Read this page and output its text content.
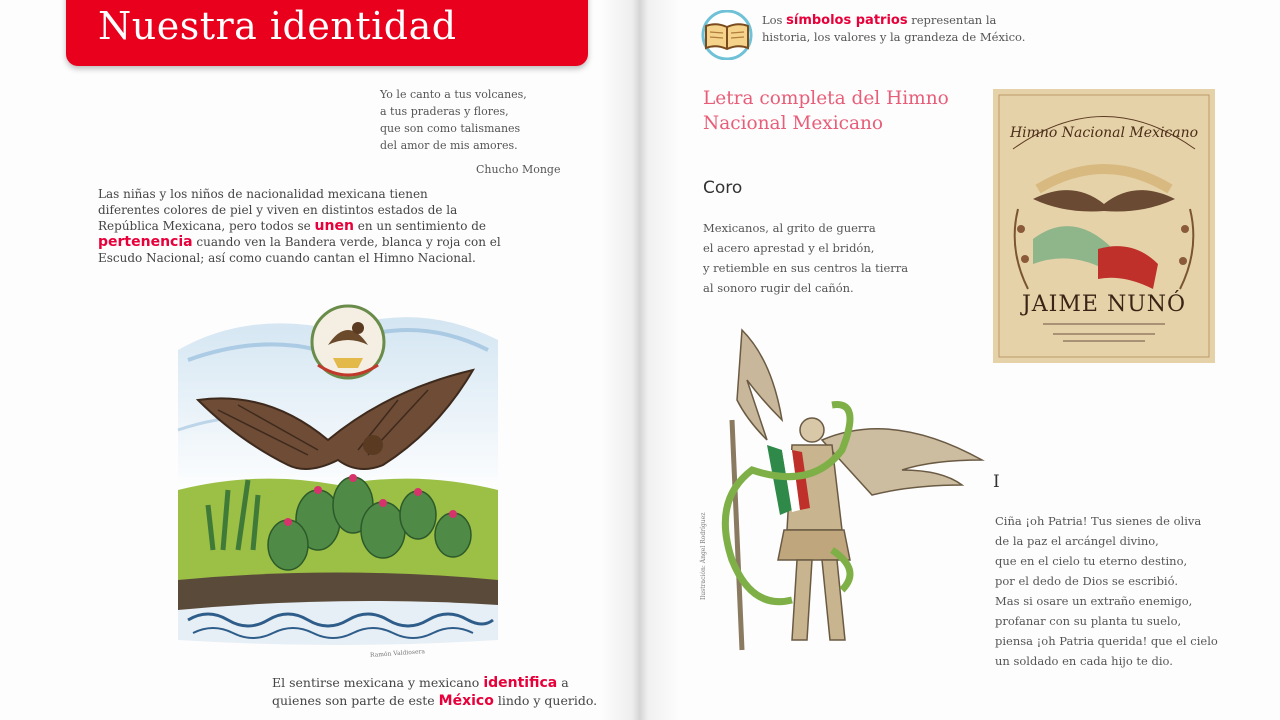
Nuestra identidad
Yo le canto a tus volcanes,
a tus praderas y flores,
que son como talismanes
del amor de mis amores.
Chucho Monge
Las niñas y los niños de nacionalidad mexicana tienen
diferentes colores de piel y viven en distintos estados de la
República Mexicana, pero todos se unen en un sentimiento de
pertenencia cuando ven la Bandera verde, blanca y roja con el
Escudo Nacional; así como cuando cantan el Himno Nacional.
Ramón Valdiosera
El sentirse mexicana y mexicano identifica a
quienes son parte de este México lindo y querido.
Los símbolos patrios representan la
historia, los valores y la grandeza de México.
Letra completa del Himno
Nacional Mexicano
Coro
Mexicanos, al grito de guerra
el acero aprestad y el bridón,
y retiemble en sus centros la tierra
al sonoro rugir del cañón.
Himno Nacional Mexicano
JAIME NUNÓ
Ilustración: Ángel Rodríguez
I
Ciña ¡oh Patria! Tus sienes de oliva
de la paz el arcángel divino,
que en el cielo tu eterno destino,
por el dedo de Dios se escribió.
Mas si osare un extraño enemigo,
profanar con su planta tu suelo,
piensa ¡oh Patria querida! que el cielo
un soldado en cada hijo te dio.
